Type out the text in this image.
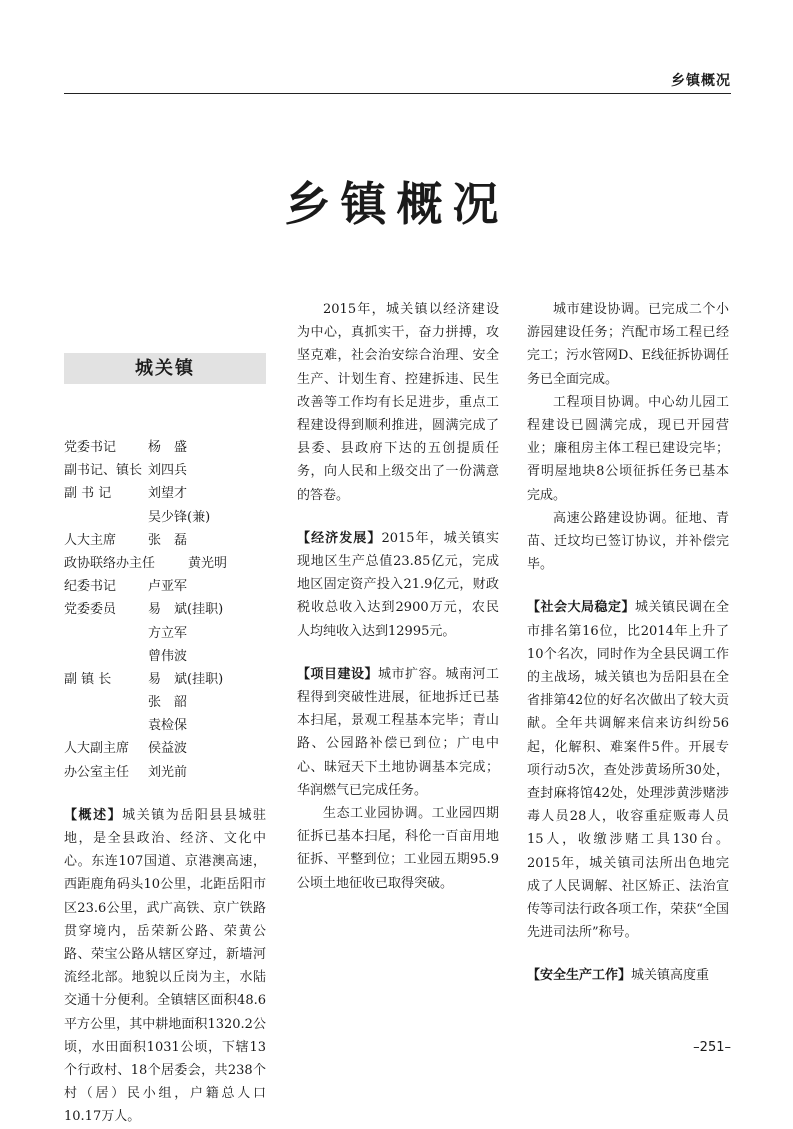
乡镇概况
乡镇概况
城关镇
党委书记	杨　盛
副书记、镇长 刘四兵
副 书 记	刘望才
吴少锋(兼)
人大主席	张　磊
政协联络办主任	黄光明
纪委书记	卢亚军
党委委员	易　斌(挂职)
方立军
曾伟波
副 镇 长	易　斌(挂职)
张　韶
袁检保
人大副主席	侯益波
办公室主任	刘光前

【概述】城关镇为岳阳县县城驻地，是全县政治、经济、文化中心。东连107国道、京港澳高速，西距鹿角码头10公里，北距岳阳市区23.6公里，武广高铁、京广铁路贯穿境内，岳荣新公路、荣黄公路、荣宝公路从辖区穿过，新墙河流经北部。地貌以丘岗为主，水陆交通十分便利。全镇辖区面积48.6平方公里，其中耕地面积1320.2公顷，水田面积1031公顷，下辖13个行政村、18个居委会，共238个村（居）民小组，户籍总人口10.17万人。

2015年，城关镇以经济建设为中心，真抓实干，奋力拼搏，攻坚克难，社会治安综合治理、安全生产、计划生育、控建拆违、民生改善等工作均有长足进步，重点工程建设得到顺利推进，圆满完成了县委、县政府下达的五创提质任务，向人民和上级交出了一份满意的答卷。

【经济发展】2015年，城关镇实现地区生产总值23.85亿元，完成地区固定资产投入21.9亿元，财政税收总收入达到2900万元，农民人均纯收入达到12995元。

【项目建设】城市扩容。城南河工程得到突破性进展，征地拆迁已基本扫尾，景观工程基本完毕；青山路、公园路补偿已到位；广电中心、昧冠天下土地协调基本完成；华润燃气已完成任务。

生态工业园协调。工业园四期征拆已基本扫尾，科伦一百亩用地征拆、平整到位；工业园五期95.9公顷土地征收已取得突破。

城市建设协调。已完成二个小游园建设任务；汽配市场工程已经完工；污水管网D、E线征拆协调任务已全面完成。

工程项目协调。中心幼儿园工程建设已圆满完成，现已开园营业；廉租房主体工程已建设完毕；胥明屋地块8公顷征拆任务已基本完成。

高速公路建设协调。征地、青苗、迁坟均已签订协议，并补偿完毕。

【社会大局稳定】城关镇民调在全市排名第16位，比2014年上升了10个名次，同时作为全县民调工作的主战场，城关镇也为岳阳县在全省排第42位的好名次做出了较大贡献。全年共调解来信来访纠纷56起，化解积、难案件5件。开展专项行动5次，查处涉黄场所30处，查封麻将馆42处，处理涉黄涉赌涉毒人员28人，收容重症贩毒人员15人，收缴涉赌工具130台。2015年，城关镇司法所出色地完成了人民调解、社区矫正、法治宣传等司法行政各项工作，荣获“全国先进司法所”称号。

【安全生产工作】城关镇高度重

–251–
